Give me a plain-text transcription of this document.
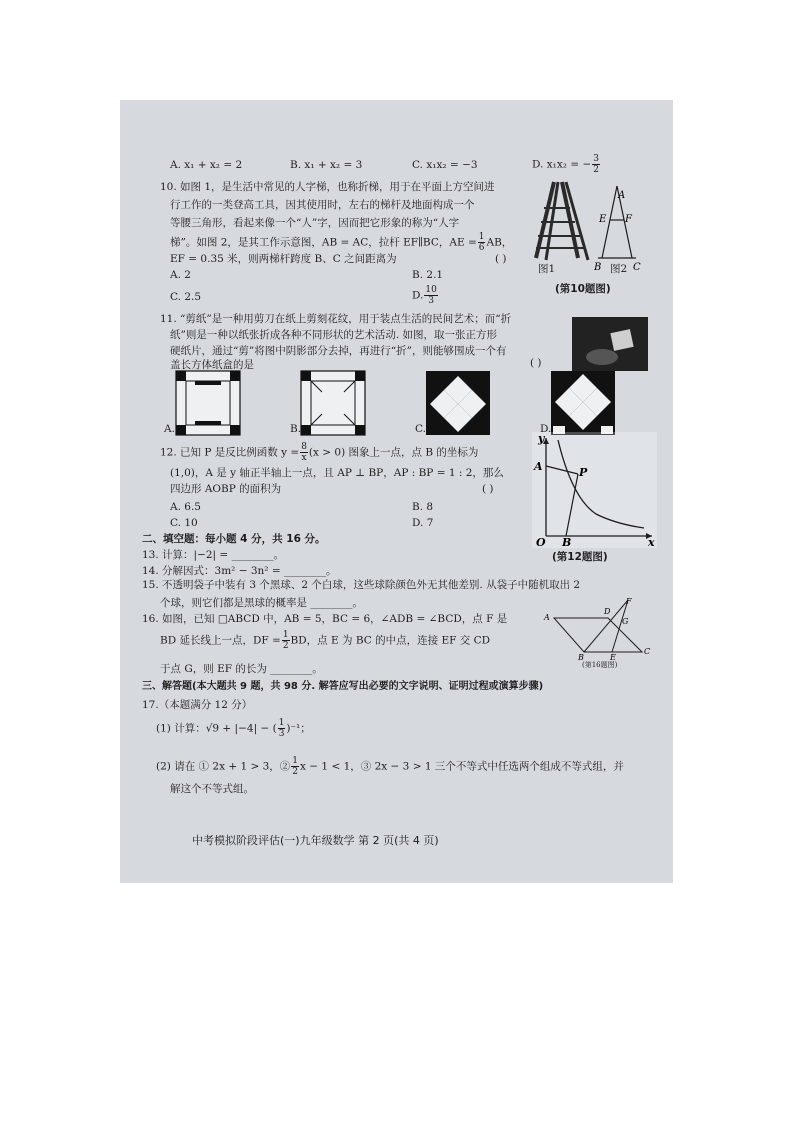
A. x₁ + x₂ = 2	B. x₁ + x₂ = 3	C. x₁x₂ = −3	D. x₁x₂ = − $\frac{3}{2}$
10. 如图 1，是生活中常见的人字梯，也称折梯，用于在平面上方空间进
行工作的一类登高工具，因其使用时，左右的梯杆及地面构成一个
等腰三角形，看起来像一个“人”字，因而把它形象的称为“人字
梯”。如图 2，是其工作示意图，AB = AC，拉杆 EF∥BC，AE = $\frac{1}{6}$ AB，
EF = 0.35 米，则两梯杆跨度 B、C 之间距离为	( )
A. 2	B. 2.1
C. 2.5	D. $\frac{10}{3}$
A
E F
B	C
图1	图2
(第10题图)
11. “剪纸”是一种用剪刀在纸上剪刻花纹，用于装点生活的民间艺术；而“折
纸”则是一种以纸张折成各种不同形状的艺术活动. 如图，取一张正方形
硬纸片，通过“剪”将图中阴影部分去掉，再进行“折”，则能够围成一个有
盖长方体纸盒的是	( )
A.	B.	C.	D.
12. 已知 P 是反比例函数 $y = \frac{8}{x} (x > 0)$ 图象上一点，点 B 的坐标为
(1,0)，A 是 y 轴正半轴上一点，且 AP ⊥ BP，AP : BP = 1 : 2，那么
四边形 AOBP 的面积为	( )
A. 6.5	B. 8
C. 10	D. 7
y
x
A	P
O B
(第12题图)
二、填空题：每小题 4 分，共 16 分。
13. 计算：|−2| = ________。
14. 分解因式：3m² − 3n² = ________。
15. 不透明袋子中装有 3 个黑球、2 个白球，这些球除颜色外无其他差别. 从袋子中随机取出 2
个球，则它们都是黑球的概率是 ________。
16. 如图，已知 □ABCD 中，AB = 5，BC = 6，∠ADB = ∠BCD，点 F 是
BD 延长线上一点，DF = $\frac{1}{2}$ BD，点 E 为 BC 的中点，连接 EF 交 CD
于点 G，则 EF 的长为 ________。
A
D
F
G
B	E
C
(第16题图)
三、解答题(本大题共 9 题，共 98 分. 解答应写出必要的文字说明、证明过程或演算步骤)
17.（本题满分 12 分）
(1) 计算：√9 + |−4| − ( $\frac{1}{3} )^{-1}$；
(2) 请在 ① 2x + 1 > 3，② $\frac{1}{2}$ x − 1 < 1，③ 2x − 3 > 1 三个不等式中任选两个组成不等式组，并
解这个不等式组。
中考模拟阶段评估(一)九年级数学 第 2 页(共 4 页)
